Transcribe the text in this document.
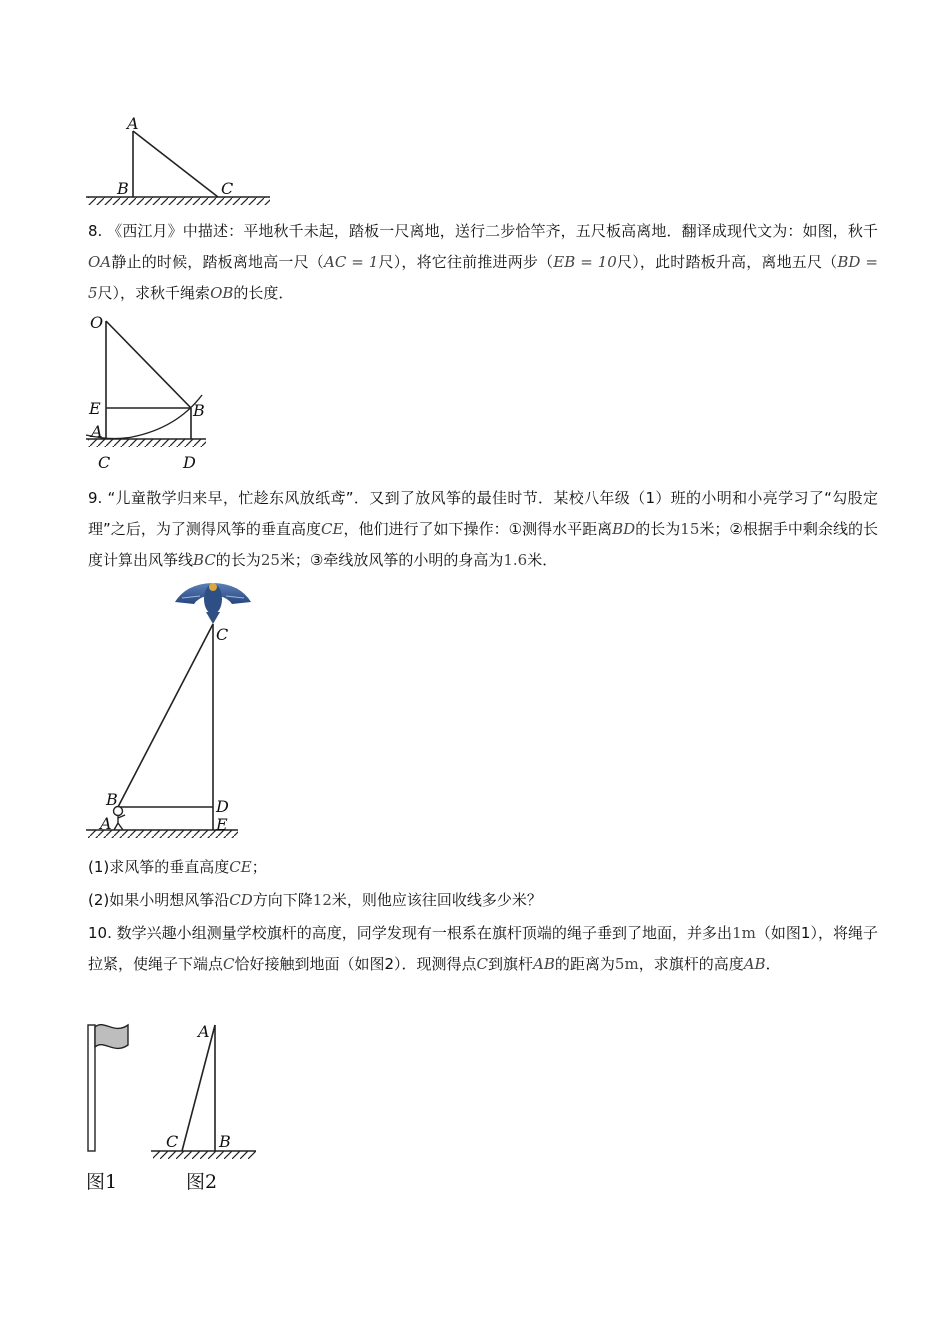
A
B	C

8. 《西江月》中描述：平地秋千未起，踏板一尺离地，送行二步恰竿齐，五尺板高离地．翻译成现代文为：如图，秋千OA静止的时候，踏板离地高一尺（AC = 1尺），将它往前推进两步（EB = 10尺），此时踏板升高，离地五尺（BD = 5尺），求秋千绳索OB的长度．

O
E
A
B
C	D

9. “儿童散学归来早，忙趁东风放纸鸢”．又到了放风筝的最佳时节．某校八年级（1）班的小明和小亮学习了“勾股定理”之后，为了测得风筝的垂直高度CE，他们进行了如下操作：①测得水平距离BD的长为15米；②根据手中剩余线的长度计算出风筝线BC的长为25米；③牵线放风筝的小明的身高为1.6米．

C
B	D
A	E

(1)求风筝的垂直高度CE；

(2)如果小明想风筝沿CD方向下降12米，则他应该往回收线多少米？

10. 数学兴趣小组测量学校旗杆的高度，同学发现有一根系在旗杆顶端的绳子垂到了地面，并多出1m（如图1），将绳子拉紧，使绳子下端点C恰好接触到地面（如图2）．现测得点C到旗杆AB的距离为5m，求旗杆的高度AB．

A
C	B
图1	图2
